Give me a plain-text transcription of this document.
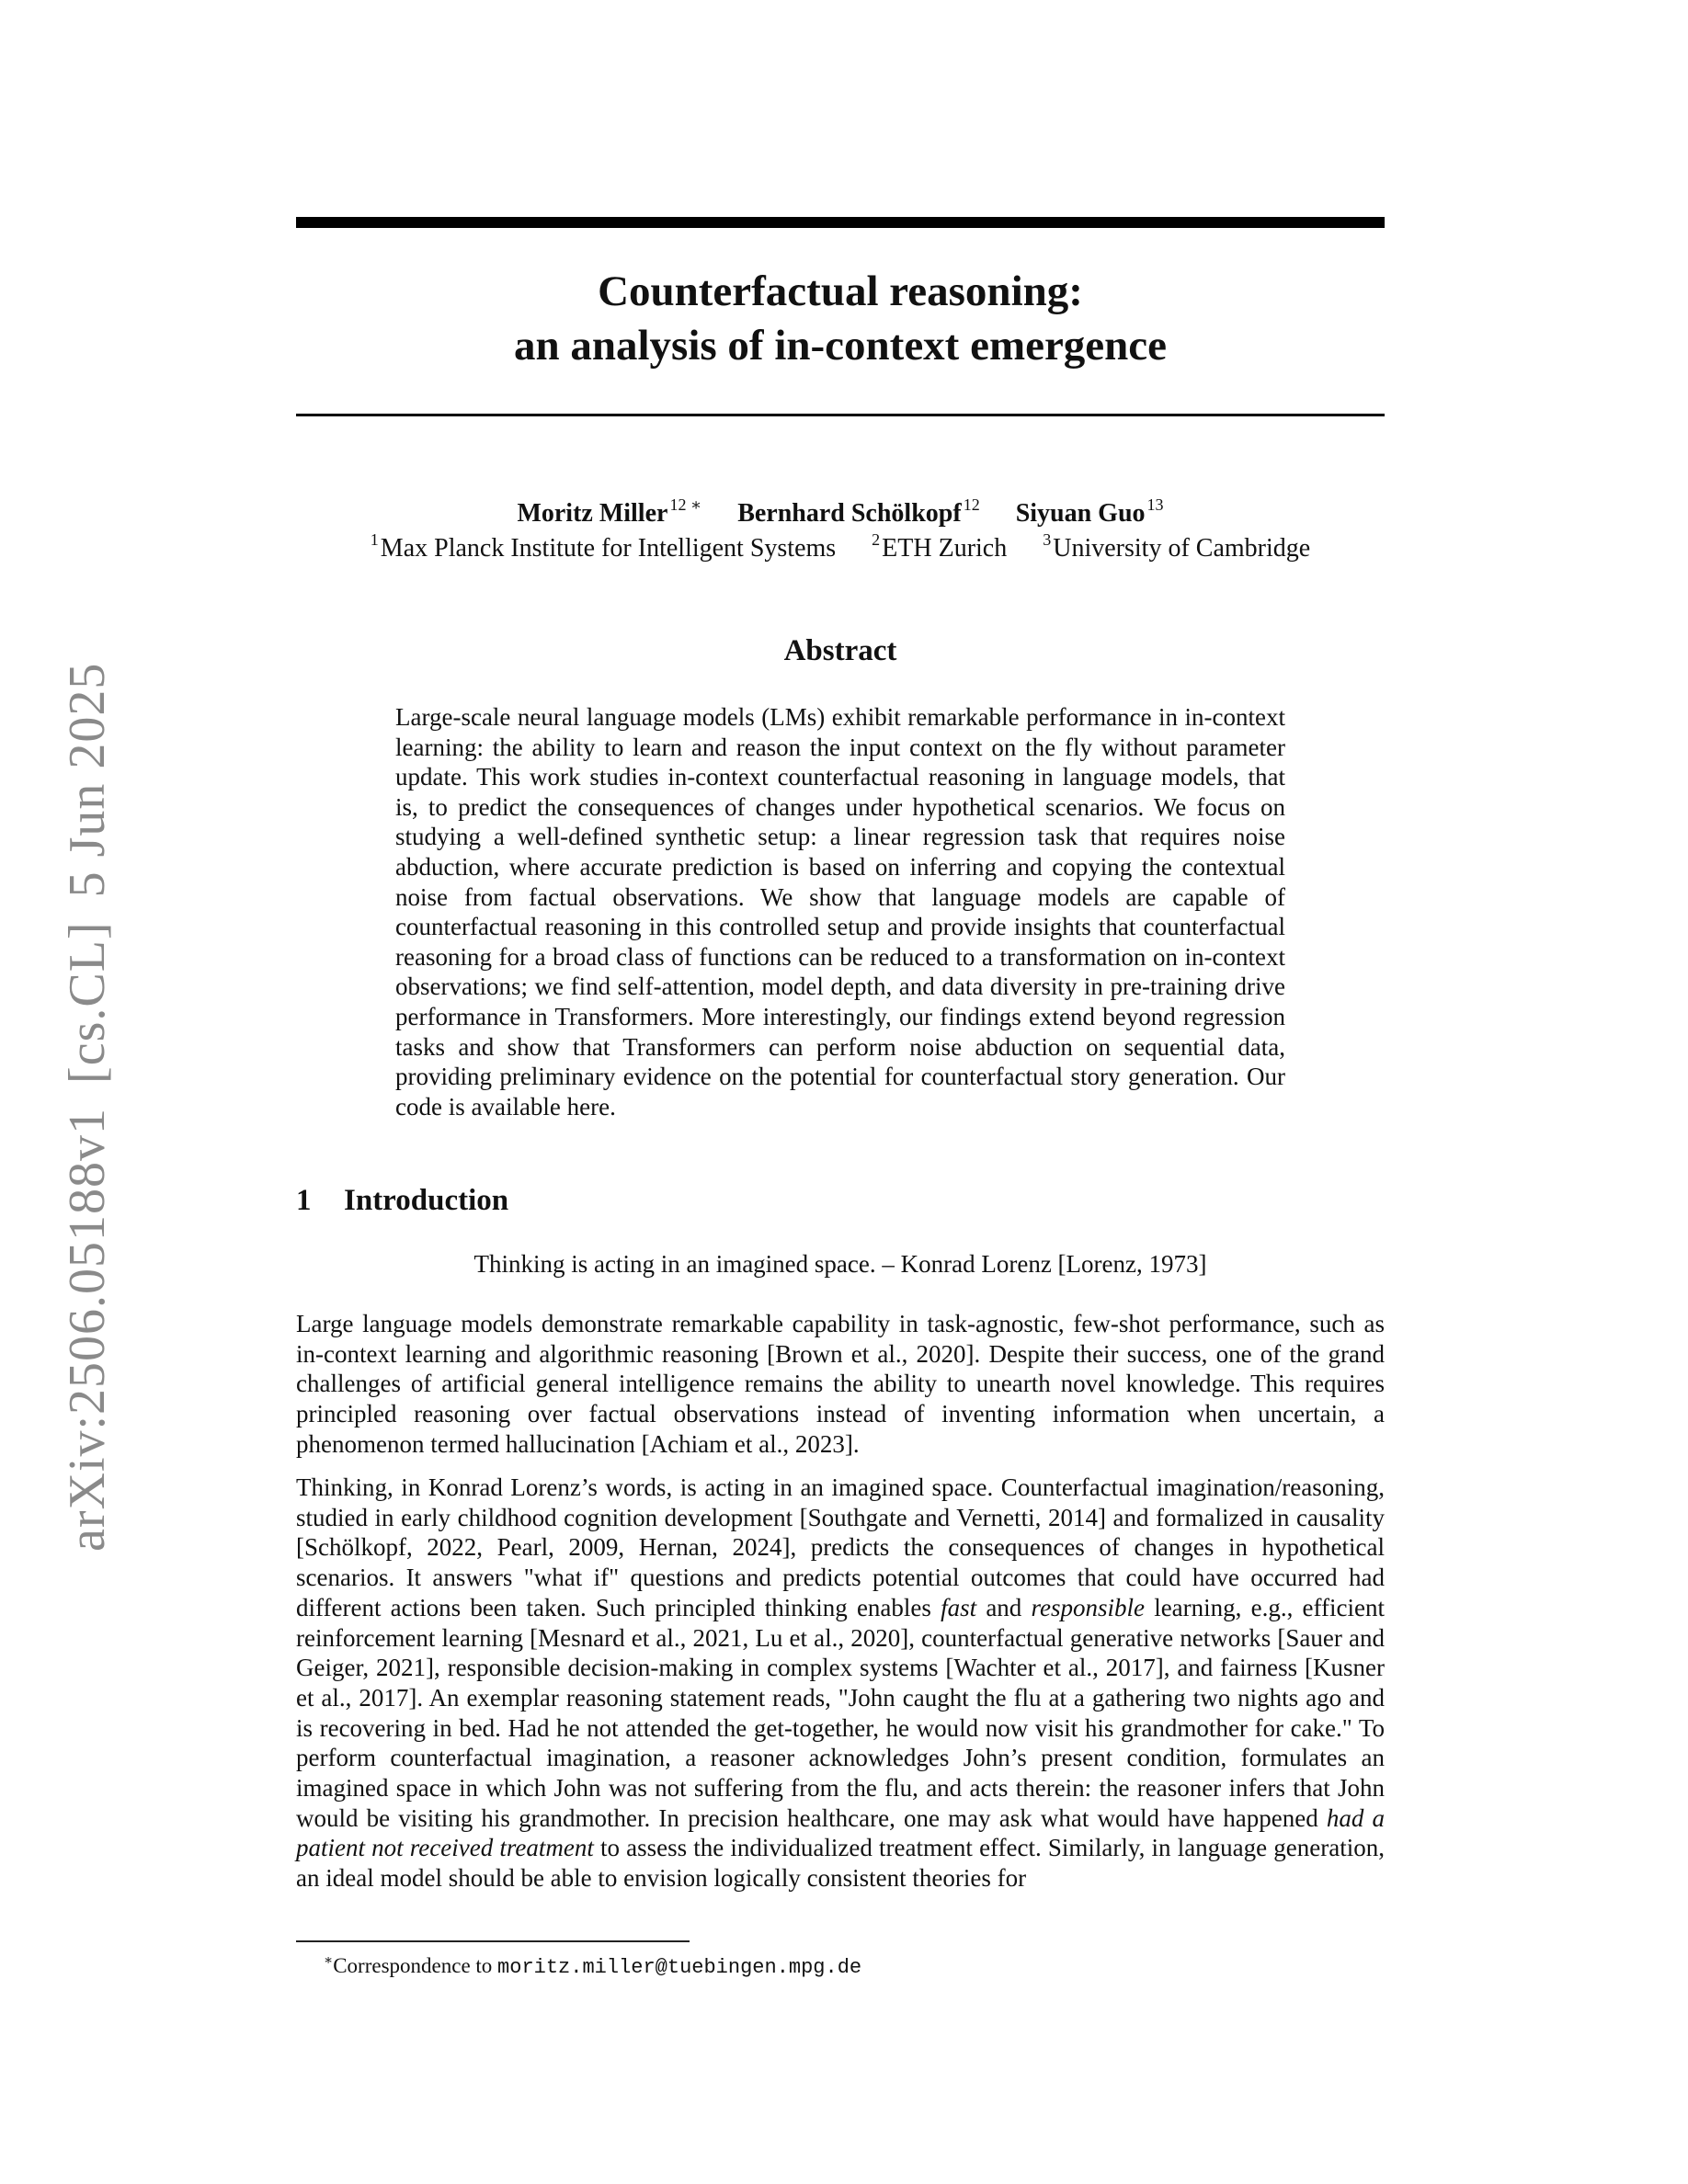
arXiv:2506.05188v1[cs.CL]5 Jun 2025
Counterfactual reasoning:
an analysis of in-context emergence
Moritz Miller $^{12 ∗}$ Bernhard Schölkopf $^{12}$ Siyuan Guo $^{13}$
$^1$Max Planck Institute for Intelligent Systems $^2$ETH Zurich $^3$University of Cambridge
Abstract
Large-scale neural language models (LMs) exhibit remarkable performance in in-context learning: the ability to learn and reason the input context on the fly without parameter update. This work studies in-context counterfactual reasoning in language models, that is, to predict the consequences of changes under hypothetical scenarios. We focus on studying a well-defined synthetic setup: a linear regression task that requires noise abduction, where accurate prediction is based on inferring and copying the contextual noise from factual observations. We show that language models are capable of counterfactual reasoning in this controlled setup and provide insights that counterfactual reasoning for a broad class of functions can be reduced to a transformation on in-context observations; we find self-attention, model depth, and data diversity in pre-training drive performance in Transformers. More interestingly, our findings extend beyond regression tasks and show that Transformers can perform noise abduction on sequential data, providing preliminary evidence on the potential for counterfactual story generation. Our code is available here.
1 Introduction
Thinking is acting in an imagined space. – Konrad Lorenz [Lorenz, 1973]
Large language models demonstrate remarkable capability in task-agnostic, few-shot performance, such as in-context learning and algorithmic reasoning [Brown et al., 2020]. Despite their success, one of the grand challenges of artificial general intelligence remains the ability to unearth novel knowledge. This requires principled reasoning over factual observations instead of inventing information when uncertain, a phenomenon termed hallucination [Achiam et al., 2023].
Thinking, in Konrad Lorenz’s words, is acting in an imagined space. Counterfactual imagination/reasoning, studied in early childhood cognition development [Southgate and Vernetti, 2014] and formalized in causality [Schölkopf, 2022, Pearl, 2009, Hernan, 2024], predicts the consequences of changes in hypothetical scenarios. It answers "what if" questions and predicts potential outcomes that could have occurred had different actions been taken. Such principled thinking enables fast and responsible learning, e.g., efficient reinforcement learning [Mesnard et al., 2021, Lu et al., 2020], counterfactual generative networks [Sauer and Geiger, 2021], responsible decision-making in complex systems [Wachter et al., 2017], and fairness [Kusner et al., 2017]. An exemplar reasoning statement reads, "John caught the flu at a gathering two nights ago and is recovering in bed. Had he not attended the get-together, he would now visit his grandmother for cake." To perform counterfactual imagination, a reasoner acknowledges John’s present condition, formulates an imagined space in which John was not suffering from the flu, and acts therein: the reasoner infers that John would be visiting his grandmother. In precision healthcare, one may ask what would have happened had a patient not received treatment to assess the individualized treatment effect. Similarly, in language generation, an ideal model should be able to envision logically consistent theories for
∗Correspondence to moritz.miller@tuebingen.mpg.de
